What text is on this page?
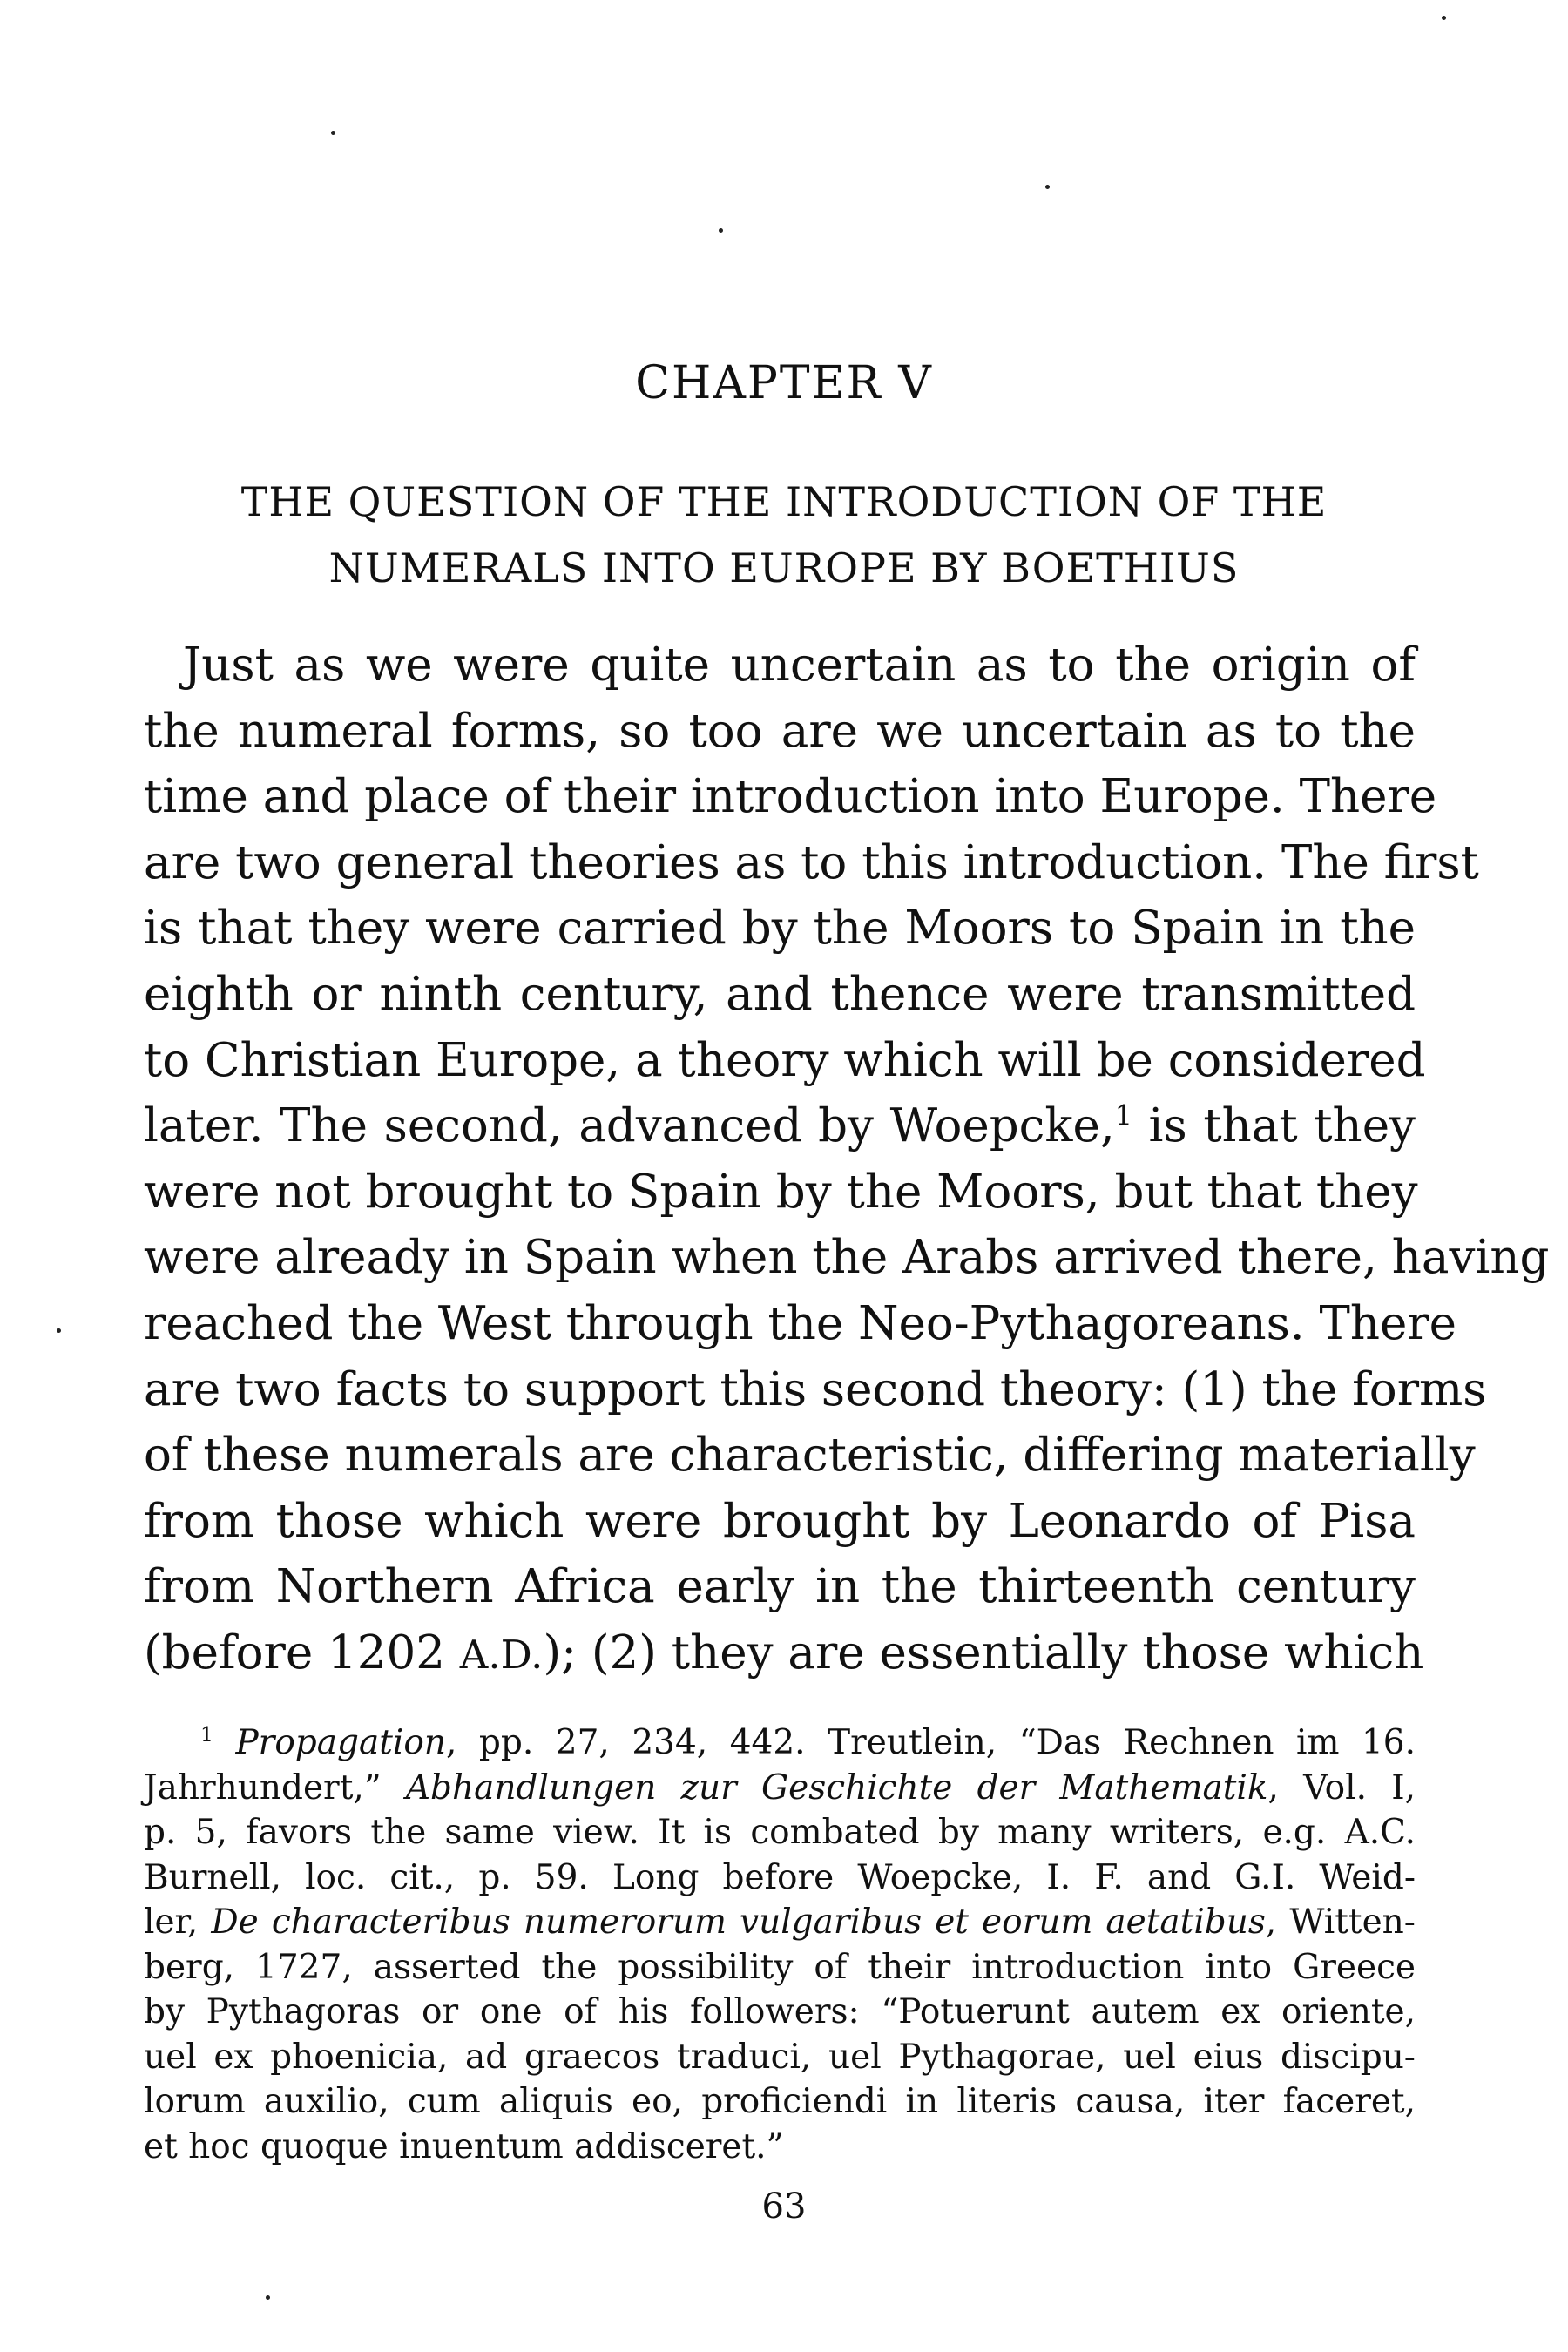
CHAPTER V
THE QUESTION OF THE INTRODUCTION OF THE
NUMERALS INTO EUROPE BY BOETHIUS
Just as we were quite uncertain as to the origin of
the numeral forms, so too are we uncertain as to the
time and place of their introduction into Europe. There
are two general theories as to this introduction. The first
is that they were carried by the Moors to Spain in the
eighth or ninth century, and thence were transmitted
to Christian Europe, a theory which will be considered
later. The second, advanced by Woepcke,$^1$ is that they
were not brought to Spain by the Moors, but that they
were already in Spain when the Arabs arrived there, having
reached the West through the Neo-Pythagoreans. There
are two facts to support this second theory: (1) the forms
of these numerals are characteristic, differing materially
from those which were brought by Leonardo of Pisa
from Northern Africa early in the thirteenth century
(before 1202 A.D.); (2) they are essentially those which
$^1$ Propagation, pp. 27, 234, 442. Treutlein, “Das Rechnen im 16.
Jahrhundert,” Abhandlungen zur Geschichte der Mathematik, Vol. I,
p. 5, favors the same view. It is combated by many writers, e.g. A.C.
Burnell, loc. cit., p. 59. Long before Woepcke, I. F. and G.I. Weid-
ler, De characteribus numerorum vulgaribus et eorum aetatibus, Witten-
berg, 1727, asserted the possibility of their introduction into Greece
by Pythagoras or one of his followers: “Potuerunt autem ex oriente,
uel ex phoenicia, ad graecos traduci, uel Pythagorae, uel eius discipu-
lorum auxilio, cum aliquis eo, proficiendi in literis causa, iter faceret,
et hoc quoque inuentum addisceret.”
63
